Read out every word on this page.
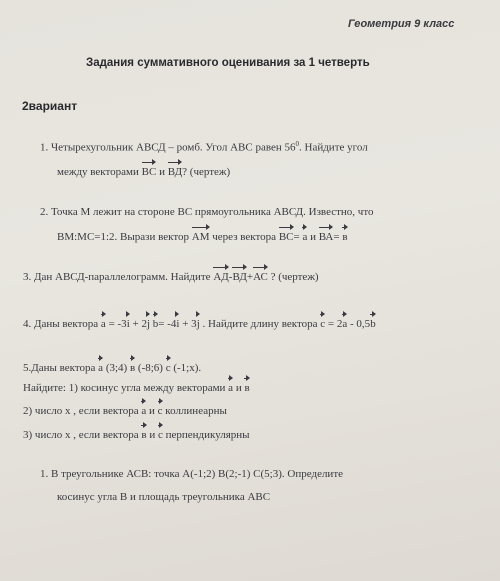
Геометрия 9 класс
Задания суммативного оценивания за 1 четверть
2вариант
1. Четырехугольник АВСД – ромб. Угол АВС равен $56^0$. Найдите угол
между векторами ВС и ВД? (чертеж)
2. Точка М лежит на стороне ВС прямоугольника АВСД. Известно, что
ВМ:МС=1:2. Вырази вектор АМ через вектора ВС= а и ВА= в
3. Дан АВСД-параллелограмм. Найдите АД-ВД+АС ? (чертеж)
4. Даны вектора a = -3i + 2j b= -4i + 3j . Найдите длину вектора c = 2a - 0,5b
5.Даны вектора a (3;4) в (-8;6) c (-1;x).
Найдите: 1) косинус угла между векторами a и в
2) число x , если вектора a и c коллинеарны
3) число x , если вектора в и c перпендикулярны
1. В треугольнике АСВ: точка А(-1;2) В(2;-1) С(5;3). Определите
косинус угла В и площадь треугольника АВС
